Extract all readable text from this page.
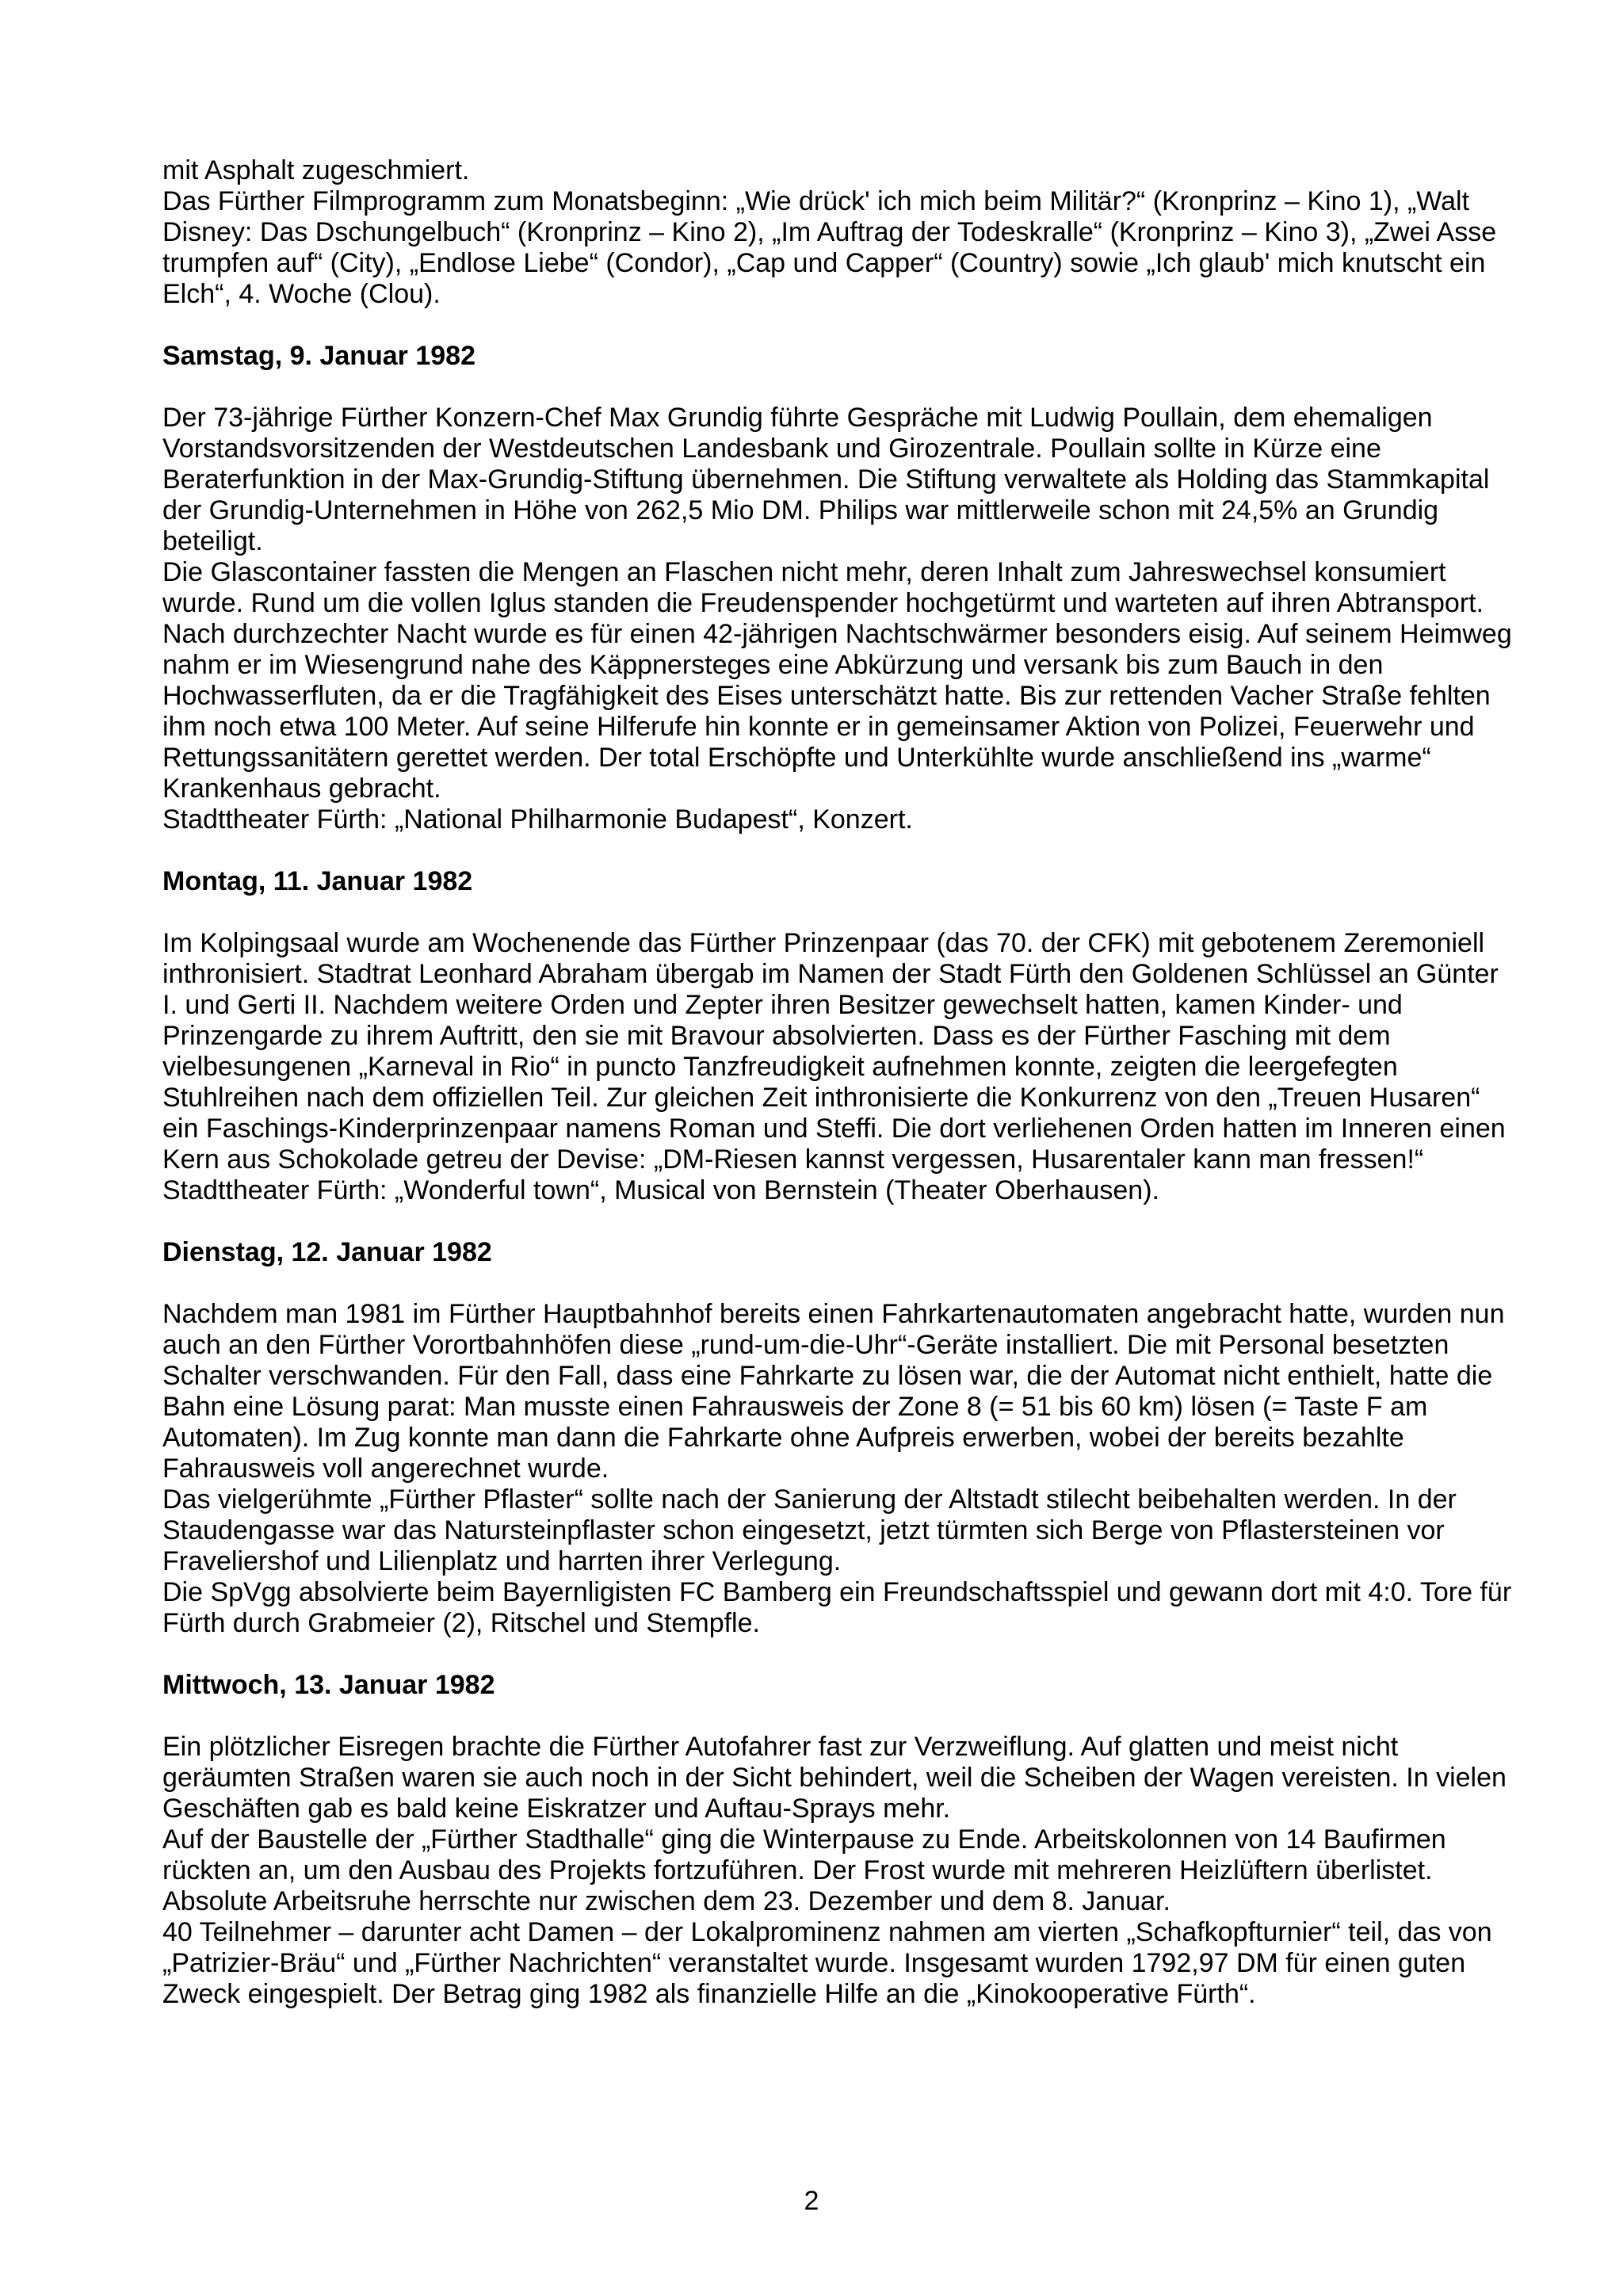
mit Asphalt zugeschmiert.

Das Fürther Filmprogramm zum Monatsbeginn: „Wie drück' ich mich beim Militär?“ (Kronprinz – Kino 1), „Walt Disney: Das Dschungelbuch“ (Kronprinz – Kino 2), „Im Auftrag der Todeskralle“ (Kronprinz – Kino 3), „Zwei Asse trumpfen auf“ (City), „Endlose Liebe“ (Condor), „Cap und Capper“ (Country) sowie „Ich glaub' mich knutscht ein Elch“, 4. Woche (Clou).

Samstag, 9. Januar 1982

Der 73-jährige Fürther Konzern-Chef Max Grundig führte Gespräche mit Ludwig Poullain, dem ehemaligen Vorstandsvorsitzenden der Westdeutschen Landesbank und Girozentrale. Poullain sollte in Kürze eine Beraterfunktion in der Max-Grundig-Stiftung übernehmen. Die Stiftung verwaltete als Holding das Stammkapital der Grundig-Unternehmen in Höhe von 262,5 Mio DM. Philips war mittlerweile schon mit 24,5% an Grundig beteiligt.

Die Glascontainer fassten die Mengen an Flaschen nicht mehr, deren Inhalt zum Jahreswechsel konsumiert wurde. Rund um die vollen Iglus standen die Freudenspender hochgetürmt und warteten auf ihren Abtransport.

Nach durchzechter Nacht wurde es für einen 42-jährigen Nachtschwärmer besonders eisig. Auf seinem Heimweg nahm er im Wiesengrund nahe des Käppnersteges eine Abkürzung und versank bis zum Bauch in den Hochwasserfluten, da er die Tragfähigkeit des Eises unterschätzt hatte. Bis zur rettenden Vacher Straße fehlten ihm noch etwa 100 Meter. Auf seine Hilferufe hin konnte er in gemeinsamer Aktion von Polizei, Feuerwehr und Rettungssanitätern gerettet werden. Der total Erschöpfte und Unterkühlte wurde anschließend ins „warme“ Krankenhaus gebracht.

Stadttheater Fürth: „National Philharmonie Budapest“, Konzert.

Montag, 11. Januar 1982

Im Kolpingsaal wurde am Wochenende das Fürther Prinzenpaar (das 70. der CFK) mit gebotenem Zeremoniell inthronisiert. Stadtrat Leonhard Abraham übergab im Namen der Stadt Fürth den Goldenen Schlüssel an Günter I. und Gerti II. Nachdem weitere Orden und Zepter ihren Besitzer gewechselt hatten, kamen Kinder- und Prinzengarde zu ihrem Auftritt, den sie mit Bravour absolvierten. Dass es der Fürther Fasching mit dem vielbesungenen „Karneval in Rio“ in puncto Tanzfreudigkeit aufnehmen konnte, zeigten die leergefegten Stuhlreihen nach dem offiziellen Teil. Zur gleichen Zeit inthronisierte die Konkurrenz von den „Treuen Husaren“ ein Faschings-Kinderprinzenpaar namens Roman und Steffi. Die dort verliehenen Orden hatten im Inneren einen Kern aus Schokolade getreu der Devise: „DM-Riesen kannst vergessen, Husarentaler kann man fressen!“

Stadttheater Fürth: „Wonderful town“, Musical von Bernstein (Theater Oberhausen).

Dienstag, 12. Januar 1982

Nachdem man 1981 im Fürther Hauptbahnhof bereits einen Fahrkartenautomaten angebracht hatte, wurden nun auch an den Fürther Vorortbahnhöfen diese „rund-um-die-Uhr“-Geräte installiert. Die mit Personal besetzten Schalter verschwanden. Für den Fall, dass eine Fahrkarte zu lösen war, die der Automat nicht enthielt, hatte die Bahn eine Lösung parat: Man musste einen Fahrausweis der Zone 8 (= 51 bis 60 km) lösen (= Taste F am Automaten). Im Zug konnte man dann die Fahrkarte ohne Aufpreis erwerben, wobei der bereits bezahlte Fahrausweis voll angerechnet wurde.

Das vielgerühmte „Fürther Pflaster“ sollte nach der Sanierung der Altstadt stilecht beibehalten werden. In der Staudengasse war das Natursteinpflaster schon eingesetzt, jetzt türmten sich Berge von Pflastersteinen vor Fraveliershof und Lilienplatz und harrten ihrer Verlegung.

Die SpVgg absolvierte beim Bayernligisten FC Bamberg ein Freundschaftsspiel und gewann dort mit 4:0. Tore für Fürth durch Grabmeier (2), Ritschel und Stempfle.

Mittwoch, 13. Januar 1982

Ein plötzlicher Eisregen brachte die Fürther Autofahrer fast zur Verzweiflung. Auf glatten und meist nicht geräumten Straßen waren sie auch noch in der Sicht behindert, weil die Scheiben der Wagen vereisten. In vielen Geschäften gab es bald keine Eiskratzer und Auftau-Sprays mehr.

Auf der Baustelle der „Fürther Stadthalle“ ging die Winterpause zu Ende. Arbeitskolonnen von 14 Baufirmen rückten an, um den Ausbau des Projekts fortzuführen. Der Frost wurde mit mehreren Heizlüftern überlistet. Absolute Arbeitsruhe herrschte nur zwischen dem 23. Dezember und dem 8. Januar.

40 Teilnehmer – darunter acht Damen – der Lokalprominenz nahmen am vierten „Schafkopfturnier“ teil, das von „Patrizier-Bräu“ und „Fürther Nachrichten“ veranstaltet wurde. Insgesamt wurden 1792,97 DM für einen guten Zweck eingespielt. Der Betrag ging 1982 als finanzielle Hilfe an die „Kinokooperative Fürth“.

2
